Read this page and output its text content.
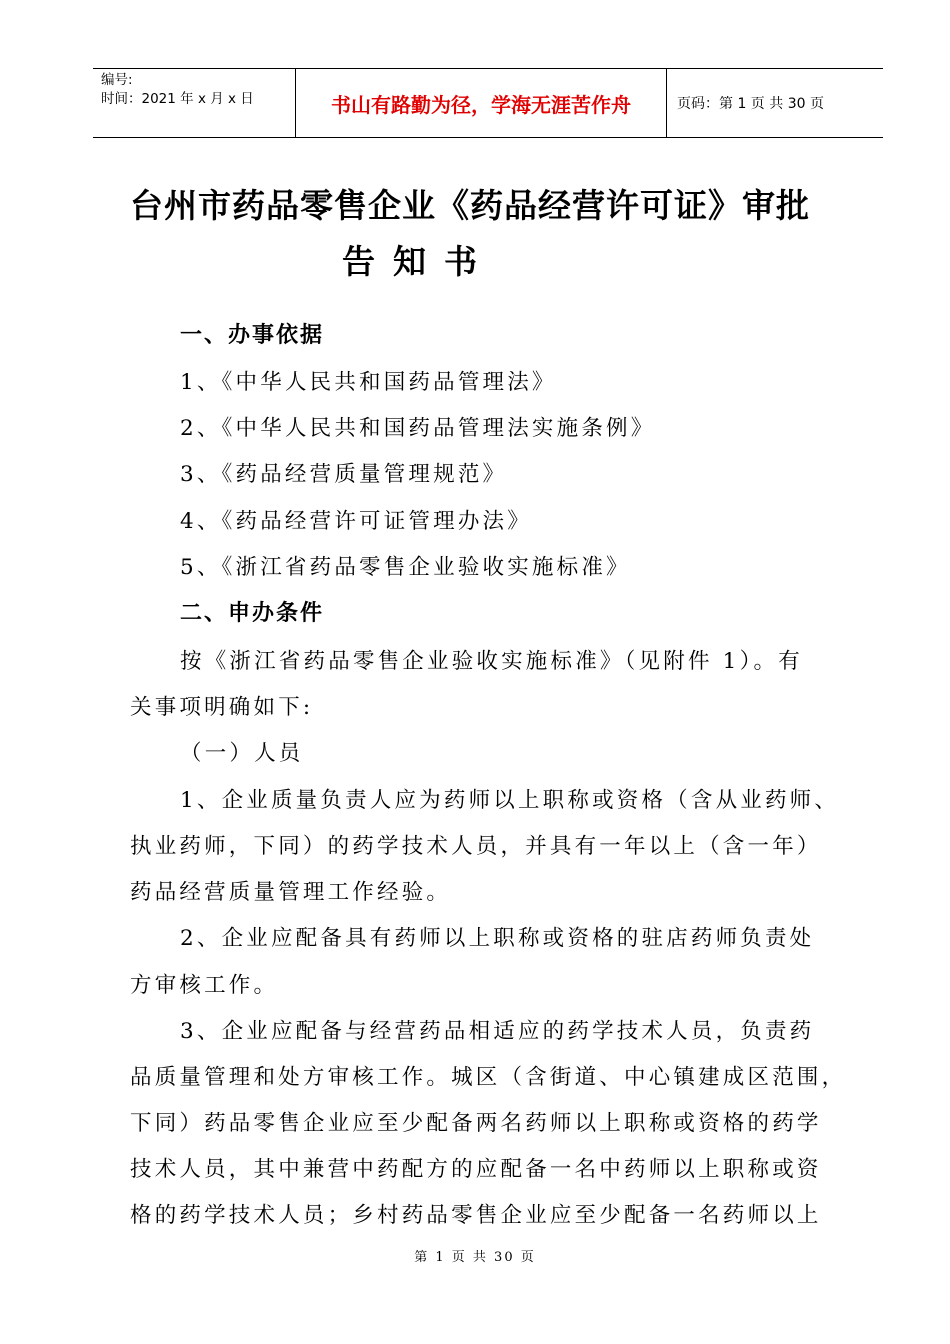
编号:
时间：2021 年 x 月 x 日	书山有路勤为径，学海无涯苦作舟	页码：第 1 页 共 30 页
台州市药品零售企业《药品经营许可证》审批
告知书
一、办事依据
1、《中华人民共和国药品管理法》
2、《中华人民共和国药品管理法实施条例》
3、《药品经营质量管理规范》
4、《药品经营许可证管理办法》
5、《浙江省药品零售企业验收实施标准》
二、申办条件
按《浙江省药品零售企业验收实施标准》（见附件 1）。有
关事项明确如下:
（一）人员
1、企业质量负责人应为药师以上职称或资格（含从业药师、
执业药师，下同）的药学技术人员，并具有一年以上（含一年）
药品经营质量管理工作经验。
2、企业应配备具有药师以上职称或资格的驻店药师负责处
方审核工作。
3、企业应配备与经营药品相适应的药学技术人员，负责药
品质量管理和处方审核工作。城区（含街道、中心镇建成区范围，
下同）药品零售企业应至少配备两名药师以上职称或资格的药学
技术人员，其中兼营中药配方的应配备一名中药师以上职称或资
格的药学技术人员；乡村药品零售企业应至少配备一名药师以上
第 1 页 共 30 页
